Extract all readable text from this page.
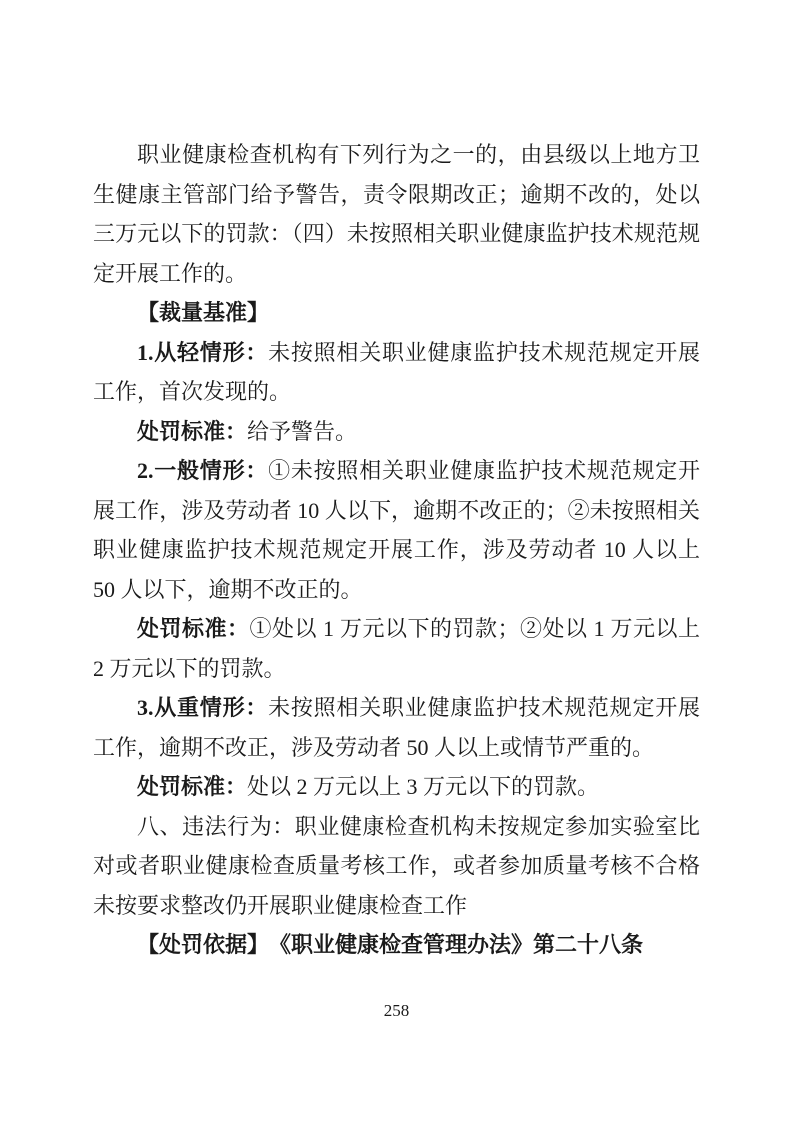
职业健康检查机构有下列行为之一的，由县级以上地方卫生健康主管部门给予警告，责令限期改正；逾期不改的，处以三万元以下的罚款：（四）未按照相关职业健康监护技术规范规定开展工作的。

【裁量基准】

1.从轻情形：未按照相关职业健康监护技术规范规定开展工作，首次发现的。

处罚标准：给予警告。

2.一般情形：①未按照相关职业健康监护技术规范规定开展工作，涉及劳动者 10 人以下，逾期不改正的；②未按照相关职业健康监护技术规范规定开展工作，涉及劳动者 10 人以上 50 人以下，逾期不改正的。

处罚标准：①处以 1 万元以下的罚款；②处以 1 万元以上 2 万元以下的罚款。

3.从重情形：未按照相关职业健康监护技术规范规定开展工作，逾期不改正，涉及劳动者 50 人以上或情节严重的。

处罚标准：处以 2 万元以上 3 万元以下的罚款。

八、违法行为：职业健康检查机构未按规定参加实验室比对或者职业健康检查质量考核工作，或者参加质量考核不合格未按要求整改仍开展职业健康检查工作

【处罚依据】　《职业健康检查管理办法》第二十八条

258
